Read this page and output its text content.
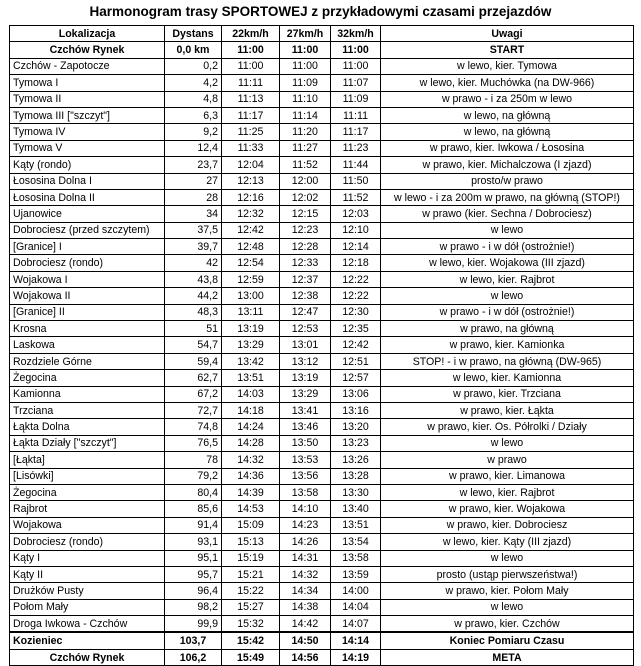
Harmonogram trasy SPORTOWEJ z przykładowymi czasami przejazdów
Lokalizacja	Dystans	22km/h	27km/h	32km/h	Uwagi
Czchów Rynek	0,0 km	11:00	11:00	11:00	START
Czchów - Zapotocze	0,2	11:00	11:00	11:00	w lewo, kier. Tymowa
Tymowa I	4,2	11:11	11:09	11:07	w lewo, kier. Muchówka (na DW-966)
Tymowa II	4,8	11:13	11:10	11:09	w prawo - i za 250m w lewo
Tymowa III ["szczyt"]	6,3	11:17	11:14	11:11	w lewo, na główną
Tymowa IV	9,2	11:25	11:20	11:17	w lewo, na główną
Tymowa V	12,4	11:33	11:27	11:23	w prawo, kier. Iwkowa / Łososina
Kąty (rondo)	23,7	12:04	11:52	11:44	w prawo, kier. Michalczowa (I zjazd)
Łososina Dolna I	27	12:13	12:00	11:50	prosto/w prawo
Łososina Dolna II	28	12:16	12:02	11:52	w lewo - i za 200m w prawo, na główną (STOP!)
Ujanowice	34	12:32	12:15	12:03	w prawo (kier. Sechna / Dobrociesz)
Dobrociesz (przed szczytem)	37,5	12:42	12:23	12:10	w lewo
[Granice] I	39,7	12:48	12:28	12:14	w prawo - i w dół (ostrożnie!)
Dobrociesz (rondo)	42	12:54	12:33	12:18	w lewo, kier. Wojakowa (III zjazd)
Wojakowa I	43,8	12:59	12:37	12:22	w lewo, kier. Rajbrot
Wojakowa II	44,2	13:00	12:38	12:22	w lewo
[Granice] II	48,3	13:11	12:47	12:30	w prawo - i w dół (ostrożnie!)
Krosna	51	13:19	12:53	12:35	w prawo, na główną
Laskowa	54,7	13:29	13:01	12:42	w prawo, kier. Kamionka
Rozdziele Górne	59,4	13:42	13:12	12:51	STOP! - i w prawo, na główną (DW-965)
Żegocina	62,7	13:51	13:19	12:57	w lewo, kier. Kamionna
Kamionna	67,2	14:03	13:29	13:06	w prawo, kier. Trzciana
Trzciana	72,7	14:18	13:41	13:16	w prawo, kier. Łąkta
Łąkta Dolna	74,8	14:24	13:46	13:20	w prawo, kier. Os. Półrolki / Działy
Łąkta Działy ["szczyt"]	76,5	14:28	13:50	13:23	w lewo
[Łąkta]	78	14:32	13:53	13:26	w prawo
[Lisówki]	79,2	14:36	13:56	13:28	w prawo, kier. Limanowa
Żegocina	80,4	14:39	13:58	13:30	w lewo, kier. Rajbrot
Rajbrot	85,6	14:53	14:10	13:40	w prawo, kier. Wojakowa
Wojakowa	91,4	15:09	14:23	13:51	w prawo, kier. Dobrociesz
Dobrociesz (rondo)	93,1	15:13	14:26	13:54	w lewo, kier. Kąty (III zjazd)
Kąty I	95,1	15:19	14:31	13:58	w lewo
Kąty II	95,7	15:21	14:32	13:59	prosto (ustąp pierwszeństwa!)
Drużków Pusty	96,4	15:22	14:34	14:00	w prawo, kier. Połom Mały
Połom Mały	98,2	15:27	14:38	14:04	w lewo
Droga Iwkowa - Czchów	99,9	15:32	14:42	14:07	w prawo, kier. Czchów
Kozieniec	103,7	15:42	14:50	14:14	Koniec Pomiaru Czasu
Czchów Rynek	106,2	15:49	14:56	14:19	META
